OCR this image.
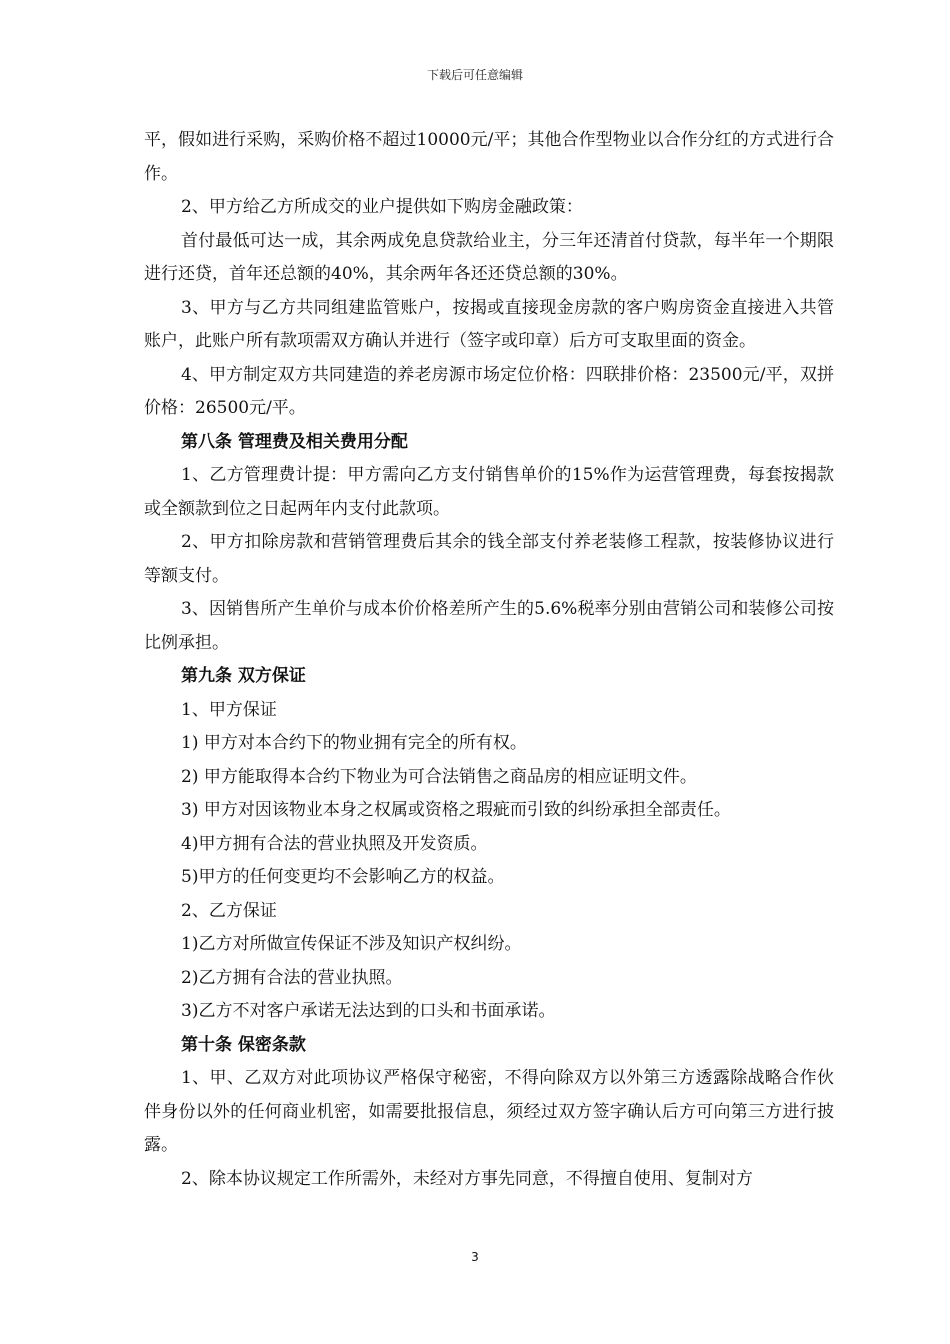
下载后可任意编辑

平，假如进行采购，采购价格不超过10000元/平；其他合作型物业以合作分红的方式进行合作。

2、甲方给乙方所成交的业户提供如下购房金融政策：

首付最低可达一成，其余两成免息贷款给业主，分三年还清首付贷款，每半年一个期限进行还贷，首年还总额的40%，其余两年各还还贷总额的30%。

3、甲方与乙方共同组建监管账户，按揭或直接现金房款的客户购房资金直接进入共管账户，此账户所有款项需双方确认并进行（签字或印章）后方可支取里面的资金。

4、甲方制定双方共同建造的养老房源市场定位价格：四联排价格：23500元/平，双拼价格：26500元/平。

第八条 管理费及相关费用分配

1、乙方管理费计提：甲方需向乙方支付销售单价的15%作为运营管理费，每套按揭款或全额款到位之日起两年内支付此款项。

2、甲方扣除房款和营销管理费后其余的钱全部支付养老装修工程款，按装修协议进行等额支付。

3、因销售所产生单价与成本价价格差所产生的5.6%税率分别由营销公司和装修公司按比例承担。

第九条 双方保证

1、甲方保证

1) 甲方对本合约下的物业拥有完全的所有权。

2) 甲方能取得本合约下物业为可合法销售之商品房的相应证明文件。

3) 甲方对因该物业本身之权属或资格之瑕疵而引致的纠纷承担全部责任。

4)甲方拥有合法的营业执照及开发资质。

5)甲方的任何变更均不会影响乙方的权益。

2、乙方保证

1)乙方对所做宣传保证不涉及知识产权纠纷。

2)乙方拥有合法的营业执照。

3)乙方不对客户承诺无法达到的口头和书面承诺。

第十条 保密条款

1、甲、乙双方对此项协议严格保守秘密，不得向除双方以外第三方透露除战略合作伙伴身份以外的任何商业机密，如需要批报信息，须经过双方签字确认后方可向第三方进行披露。

2、除本协议规定工作所需外，未经对方事先同意，不得擅自使用、复制对方

3
